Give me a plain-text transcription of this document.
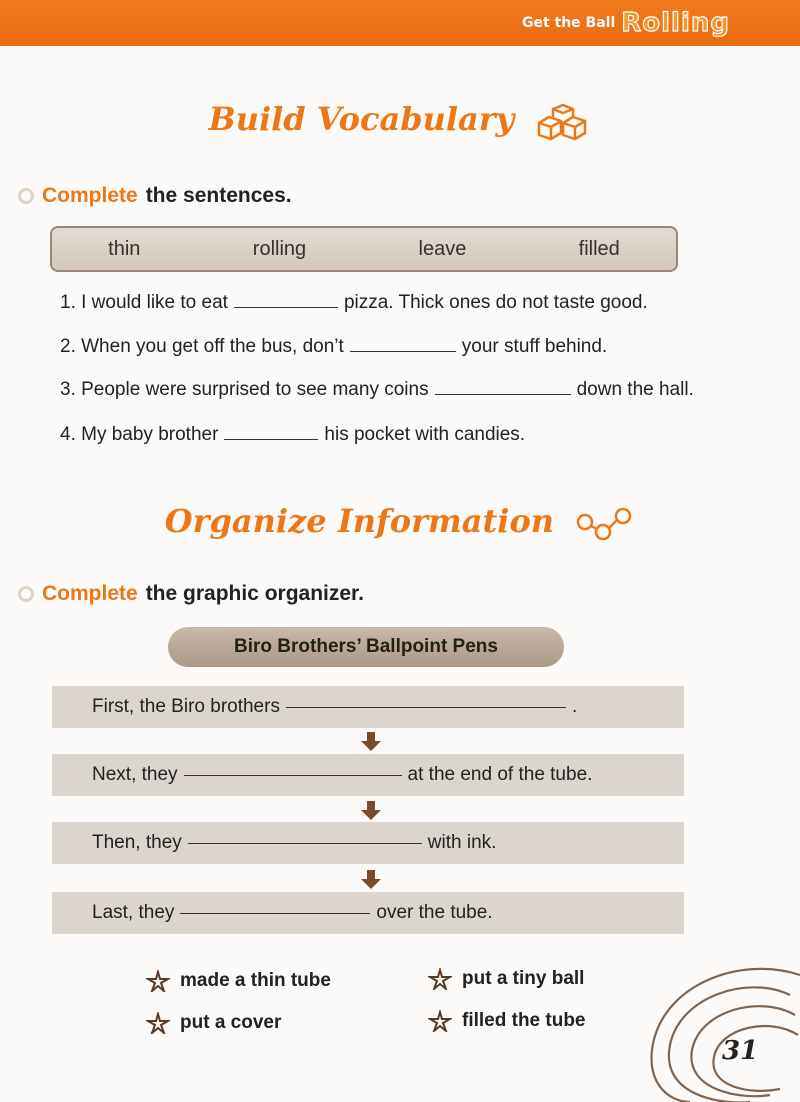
Get the Ball Rolling
Build Vocabulary
Complete the sentences.
thin	rolling	leave	filled
1. I would like to eat	pizza. Thick ones do not taste good.
2. When you get off the bus, don’t	your stuff behind.
3. People were surprised to see many coins	down the hall.
4. My baby brother	his pocket with candies.
Organize Information
Complete the graphic organizer.
Biro Brothers’ Ballpoint Pens
First, the Biro brothers	.
Next, they	at the end of the tube.
Then, they	with ink.
Last, they	over the tube.
made a thin tube	put a tiny ball
put a cover	filled the tube
31
